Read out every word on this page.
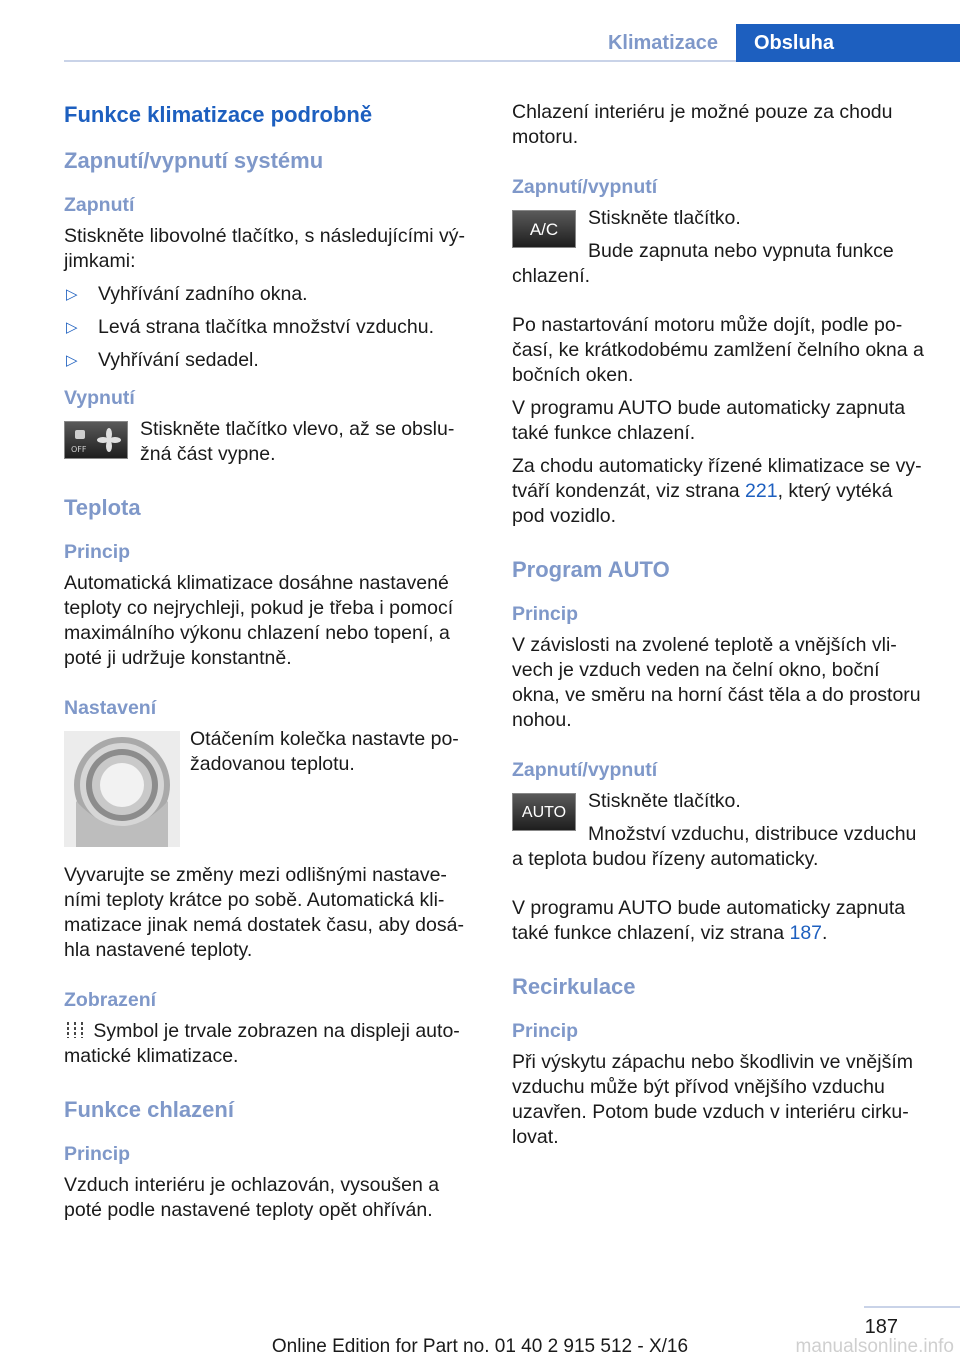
Klimatizace	Obsluha
Funkce klimatizace podrobně
Zapnutí/vypnutí systému
Zapnutí

Stiskněte libovolné tlačítko, s následujícími vý‐jimkami:

▷ Vyhřívání zadního okna.
▷ Levá strana tlačítka množství vzduchu.
▷ Vyhřívání sedadel.
Vypnutí
OFF

Stiskněte tlačítko vlevo, až se obslu‐žná část vypne.

Teplota
Princip

Automatická klimatizace dosáhne nastavené teploty co nejrychleji, pokud je třeba i pomocí maximálního výkonu chlazení nebo topení, a poté ji udržuje konstantně.

Nastavení

Otáčením kolečka nastavte po‐žadovanou teplotu.

Vyvarujte se změny mezi odlišnými nastave‐ními teploty krátce po sobě. Automatická kli‐matizace jinak nemá dostatek času, aby dosá‐hla nastavené teploty.

Zobrazení

Symbol je trvale zobrazen na displeji auto‐matické klimatizace.

Funkce chlazení
Princip

Vzduch interiéru je ochlazován, vysoušen a poté podle nastavené teploty opět ohříván.

Chlazení interiéru je možné pouze za chodu motoru.

Zapnutí/vypnutí
A/C	Stiskněte tlačítko.

Bude zapnuta nebo vypnuta funkce chlazení.

Po nastartování motoru může dojít, podle po‐časí, ke krátkodobému zamlžení čelního okna a bočních oken.

V programu AUTO bude automaticky zapnuta také funkce chlazení.

Za chodu automaticky řízené klimatizace se vy‐tváří kondenzát, viz strana 221, který vytéká pod vozidlo.

Program AUTO
Princip

V závislosti na zvolené teplotě a vnějších vli‐vech je vzduch veden na čelní okno, boční okna, ve směru na horní část těla a do prostoru nohou.

Zapnutí/vypnutí
AUTO	Stiskněte tlačítko.

Množství vzduchu, distribuce vzduchu a teplota budou řízeny automaticky.

V programu AUTO bude automaticky zapnuta také funkce chlazení, viz strana 187.

Recirkulace
Princip

Při výskytu zápachu nebo škodlivin ve vnějším vzduchu může být přívod vnějšího vzduchu uzavřen. Potom bude vzduch v interiéru cirku‐lovat.

187
Online Edition for Part no. 01 40 2 915 512 - X/16	manualsonline.info
